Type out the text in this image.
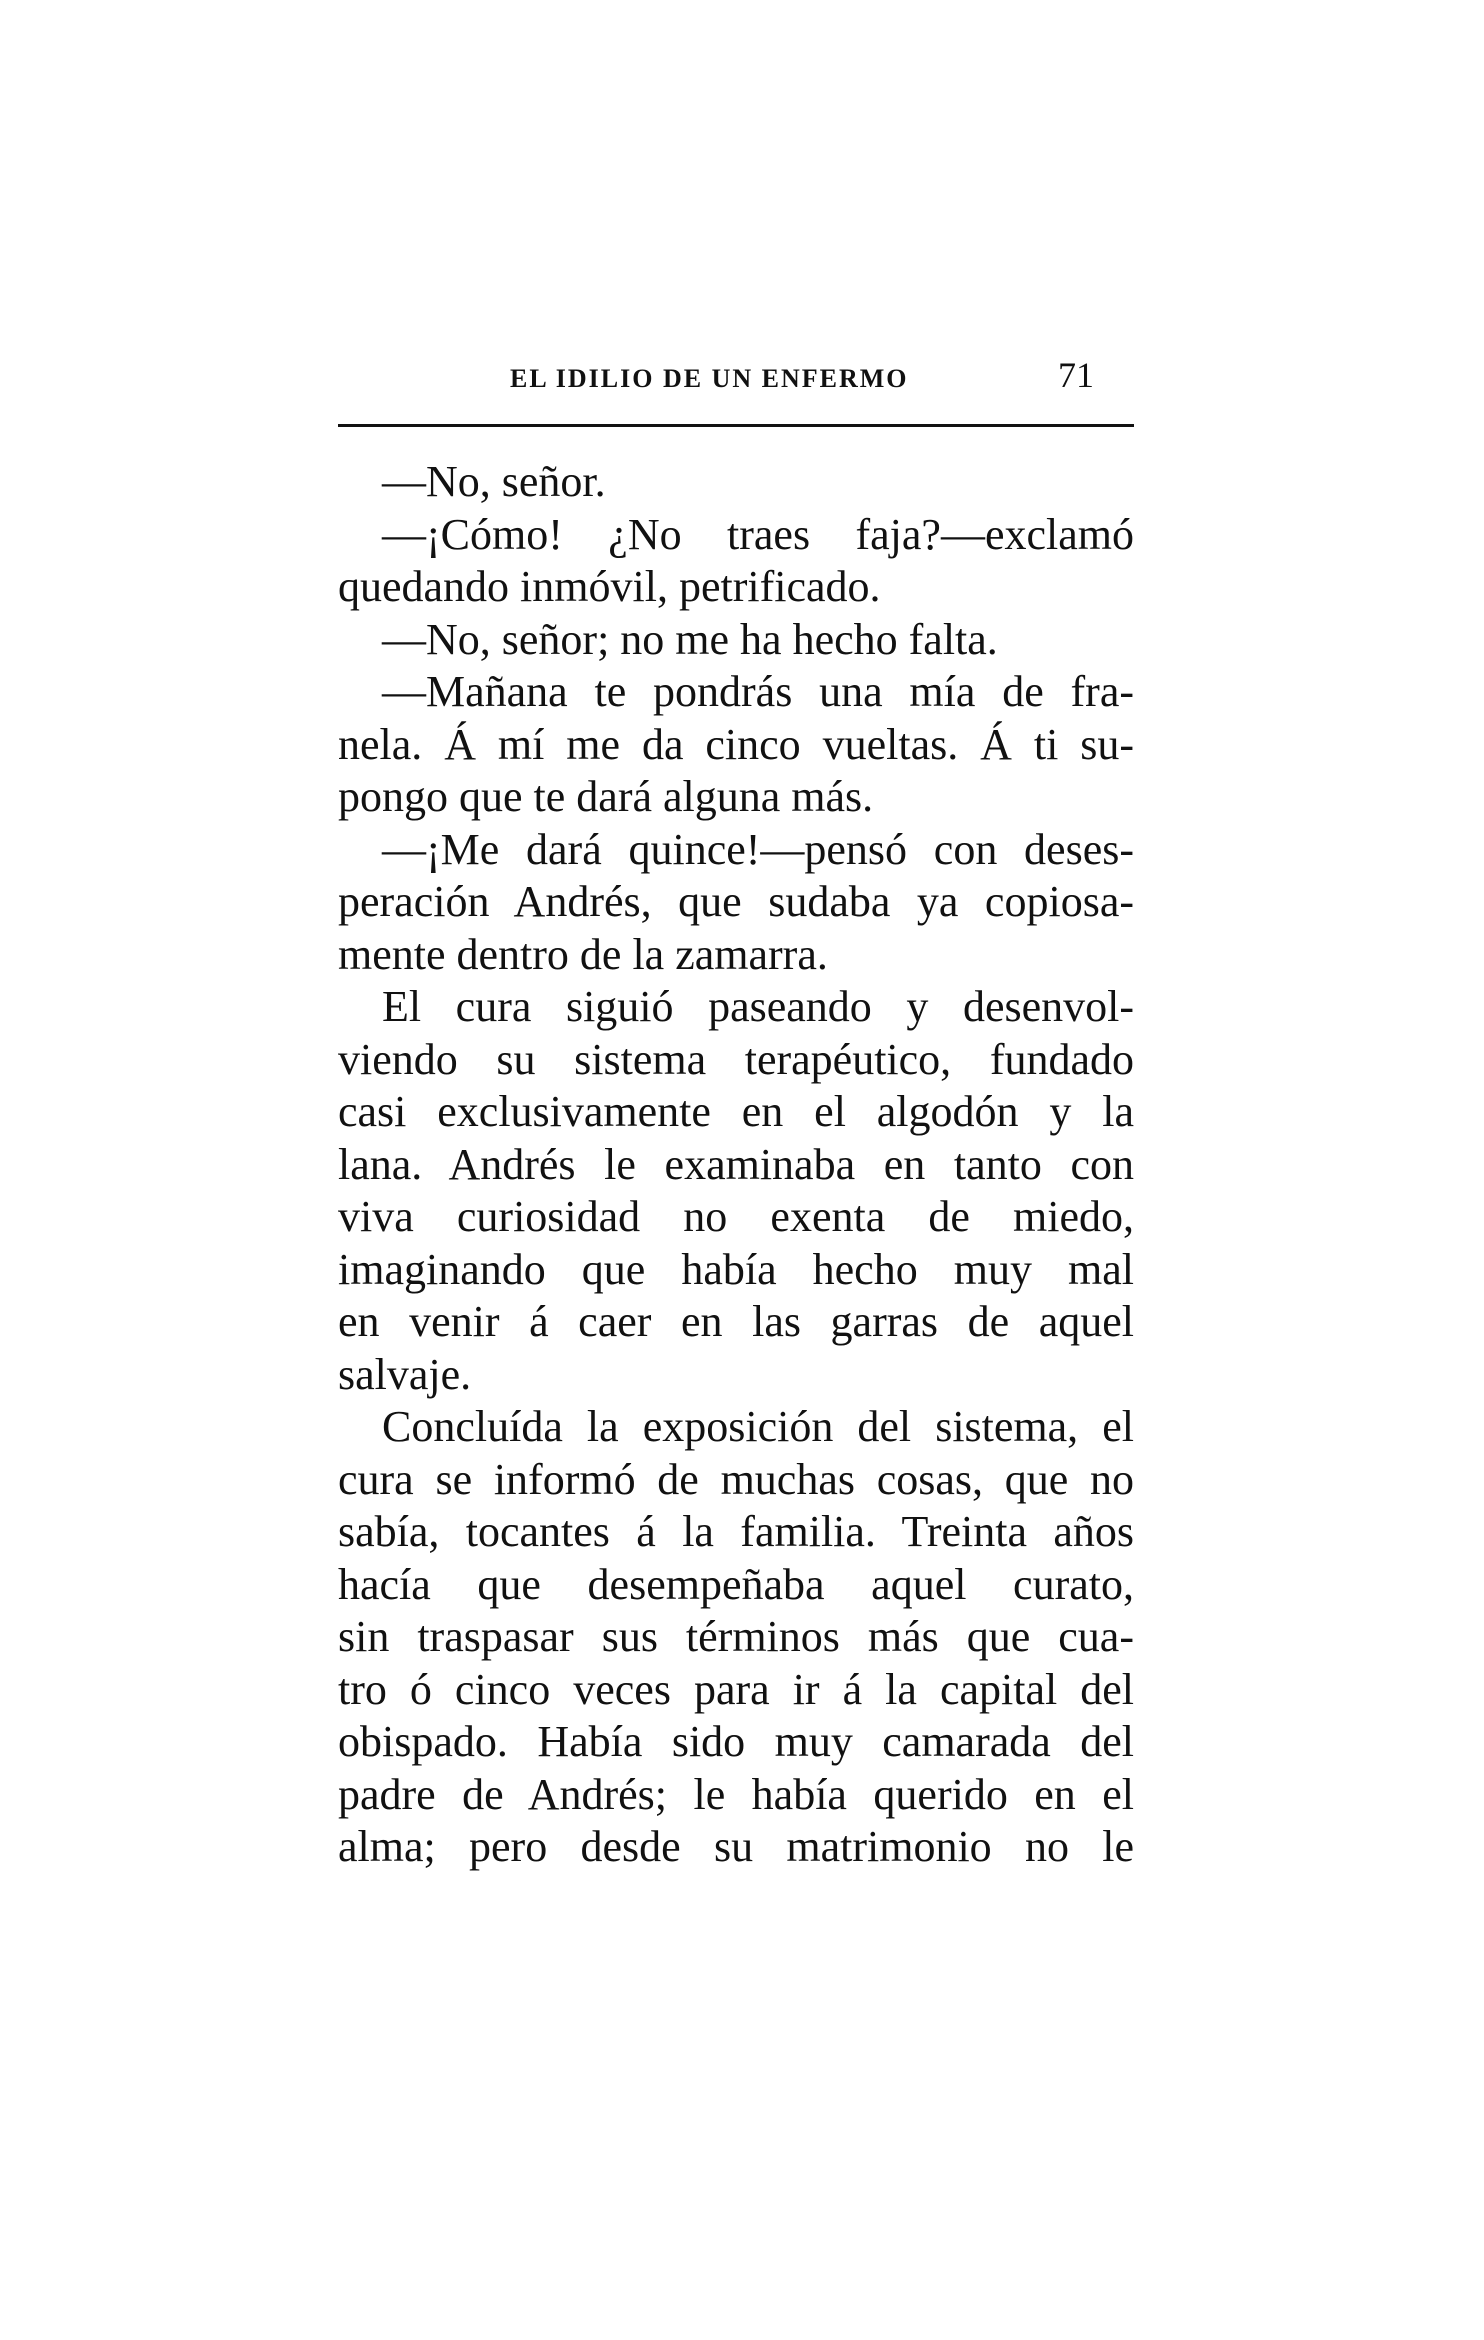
EL IDILIO DE UN ENFERMO	71
—No, señor.
—¡Cómo! ¿No traes faja?—exclamó
quedando inmóvil, petrificado.
—No, señor; no me ha hecho falta.
—Mañana te pondrás una mía de fra-
nela. Á mí me da cinco vueltas. Á ti su-
pongo que te dará alguna más.
—¡Me dará quince!—pensó con deses-
peración Andrés, que sudaba ya copiosa-
mente dentro de la zamarra.
El cura siguió paseando y desenvol-
viendo su sistema terapéutico, fundado
casi exclusivamente en el algodón y la
lana. Andrés le examinaba en tanto con
viva curiosidad no exenta de miedo,
imaginando que había hecho muy mal
en venir á caer en las garras de aquel
salvaje.
Concluída la exposición del sistema, el
cura se informó de muchas cosas, que no
sabía, tocantes á la familia. Treinta años
hacía que desempeñaba aquel curato,
sin traspasar sus términos más que cua-
tro ó cinco veces para ir á la capital del
obispado. Había sido muy camarada del
padre de Andrés; le había querido en el
alma; pero desde su matrimonio no le
